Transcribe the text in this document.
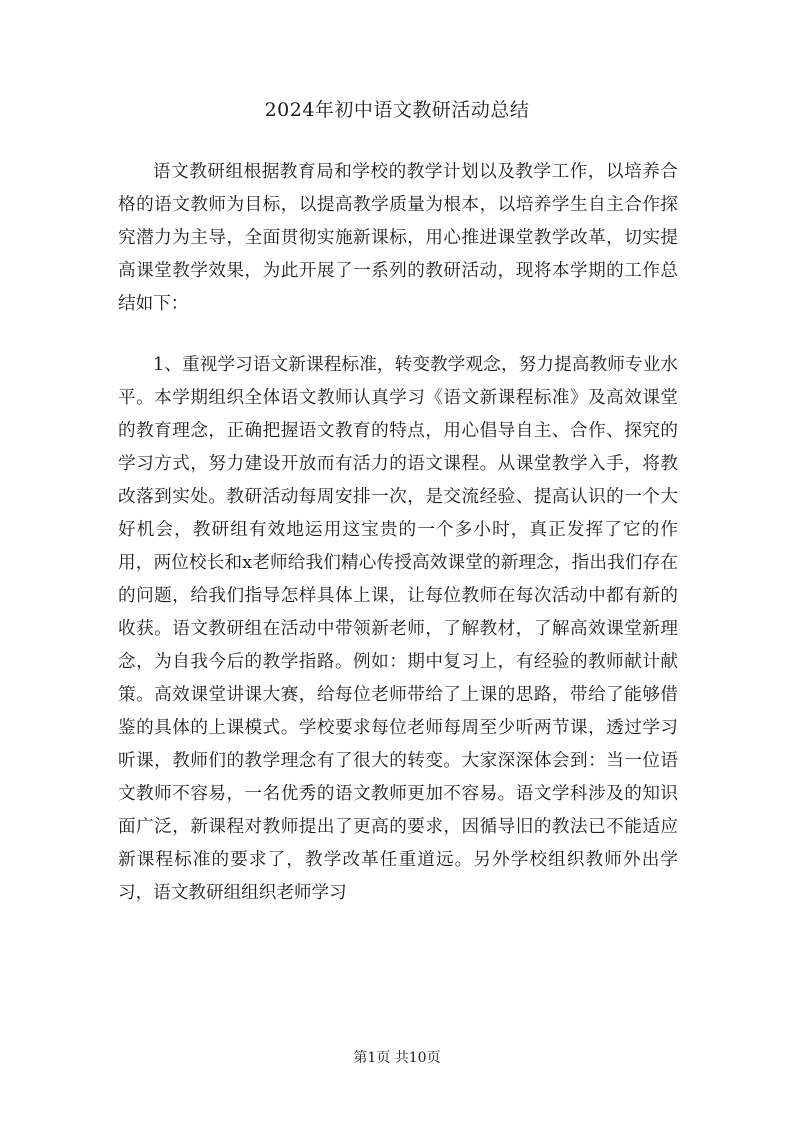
2024年初中语文教研活动总结

语文教研组根据教育局和学校的教学计划以及教学工作，以培养合格的语文教师为目标，以提高教学质量为根本，以培养学生自主合作探究潜力为主导，全面贯彻实施新课标，用心推进课堂教学改革，切实提高课堂教学效果，为此开展了一系列的教研活动，现将本学期的工作总结如下：

1、重视学习语文新课程标准，转变教学观念，努力提高教师专业水平。本学期组织全体语文教师认真学习《语文新课程标准》及高效课堂的教育理念，正确把握语文教育的特点，用心倡导自主、合作、探究的学习方式，努力建设开放而有活力的语文课程。从课堂教学入手，将教改落到实处。教研活动每周安排一次，是交流经验、提高认识的一个大好机会，教研组有效地运用这宝贵的一个多小时，真正发挥了它的作用，两位校长和x老师给我们精心传授高效课堂的新理念，指出我们存在的问题，给我们指导怎样具体上课，让每位教师在每次活动中都有新的收获。语文教研组在活动中带领新老师，了解教材，了解高效课堂新理念，为自我今后的教学指路。例如：期中复习上，有经验的教师献计献策。高效课堂讲课大赛，给每位老师带给了上课的思路，带给了能够借鉴的具体的上课模式。学校要求每位老师每周至少听两节课，透过学习听课，教师们的教学理念有了很大的转变。大家深深体会到：当一位语文教师不容易，一名优秀的语文教师更加不容易。语文学科涉及的知识面广泛，新课程对教师提出了更高的要求，因循导旧的教法已不能适应新课程标准的要求了，教学改革任重道远。另外学校组织教师外出学习，语文教研组组织老师学习

第1页 共10页
